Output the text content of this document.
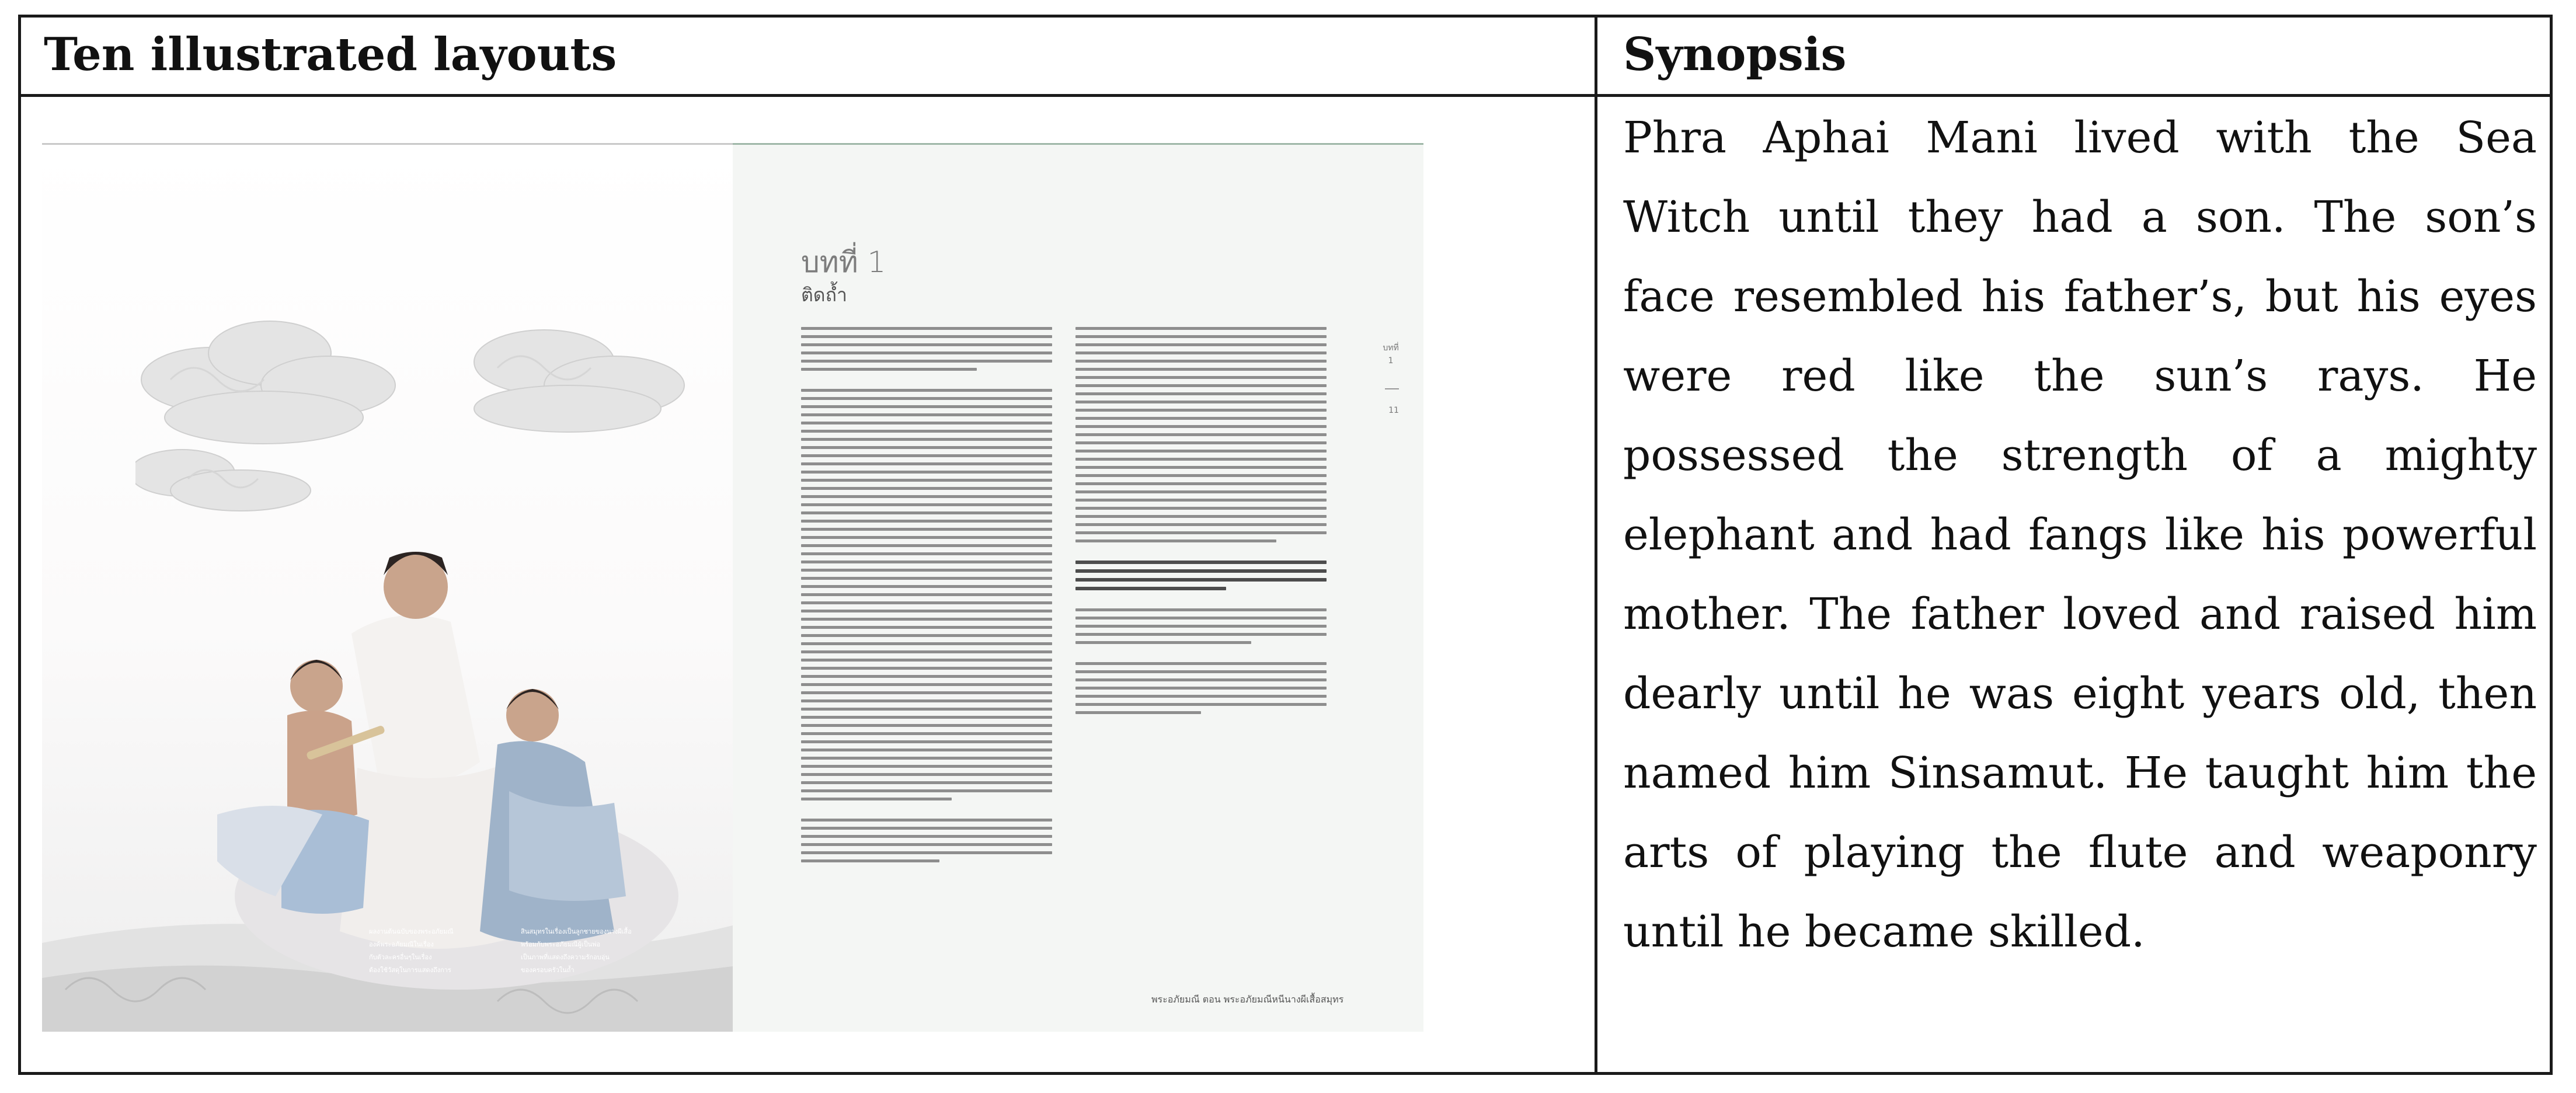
Ten illustrated layouts	Synopsis
ผลงานต้นฉบับของพระอภัยมณี
องค์พระอภัยมณีในเรื่อง
กับตัวละครอื่นๆในเรื่อง
ต้องใช้วัสดุในการแสดงถึงการ
สินสมุทรในเรื่องเป็นลูกชายของนางผีเสื้อ
พร้อมกับพระอภัยมณีผู้เป็นพ่อ
เป็นภาพที่แสดงถึงความรักอบอุ่น
ของครอบครัวในถ้ำ
บทที่ 1
ติดถ้ำ
บทที่
1
11
พระอภัยมณี ตอน พระอภัยมณีหนีนางผีเสื้อสมุทร
Phra Aphai Mani lived with the Sea Witch until they had a son. The son’s face resembled his father’s, but his eyes were red like the sun’s rays. He possessed the strength of a mighty elephant and had fangs like his powerful mother. The father loved and raised him dearly until he was eight years old, then named him Sinsamut. He taught him the arts of playing the flute and weaponry until he became skilled.
